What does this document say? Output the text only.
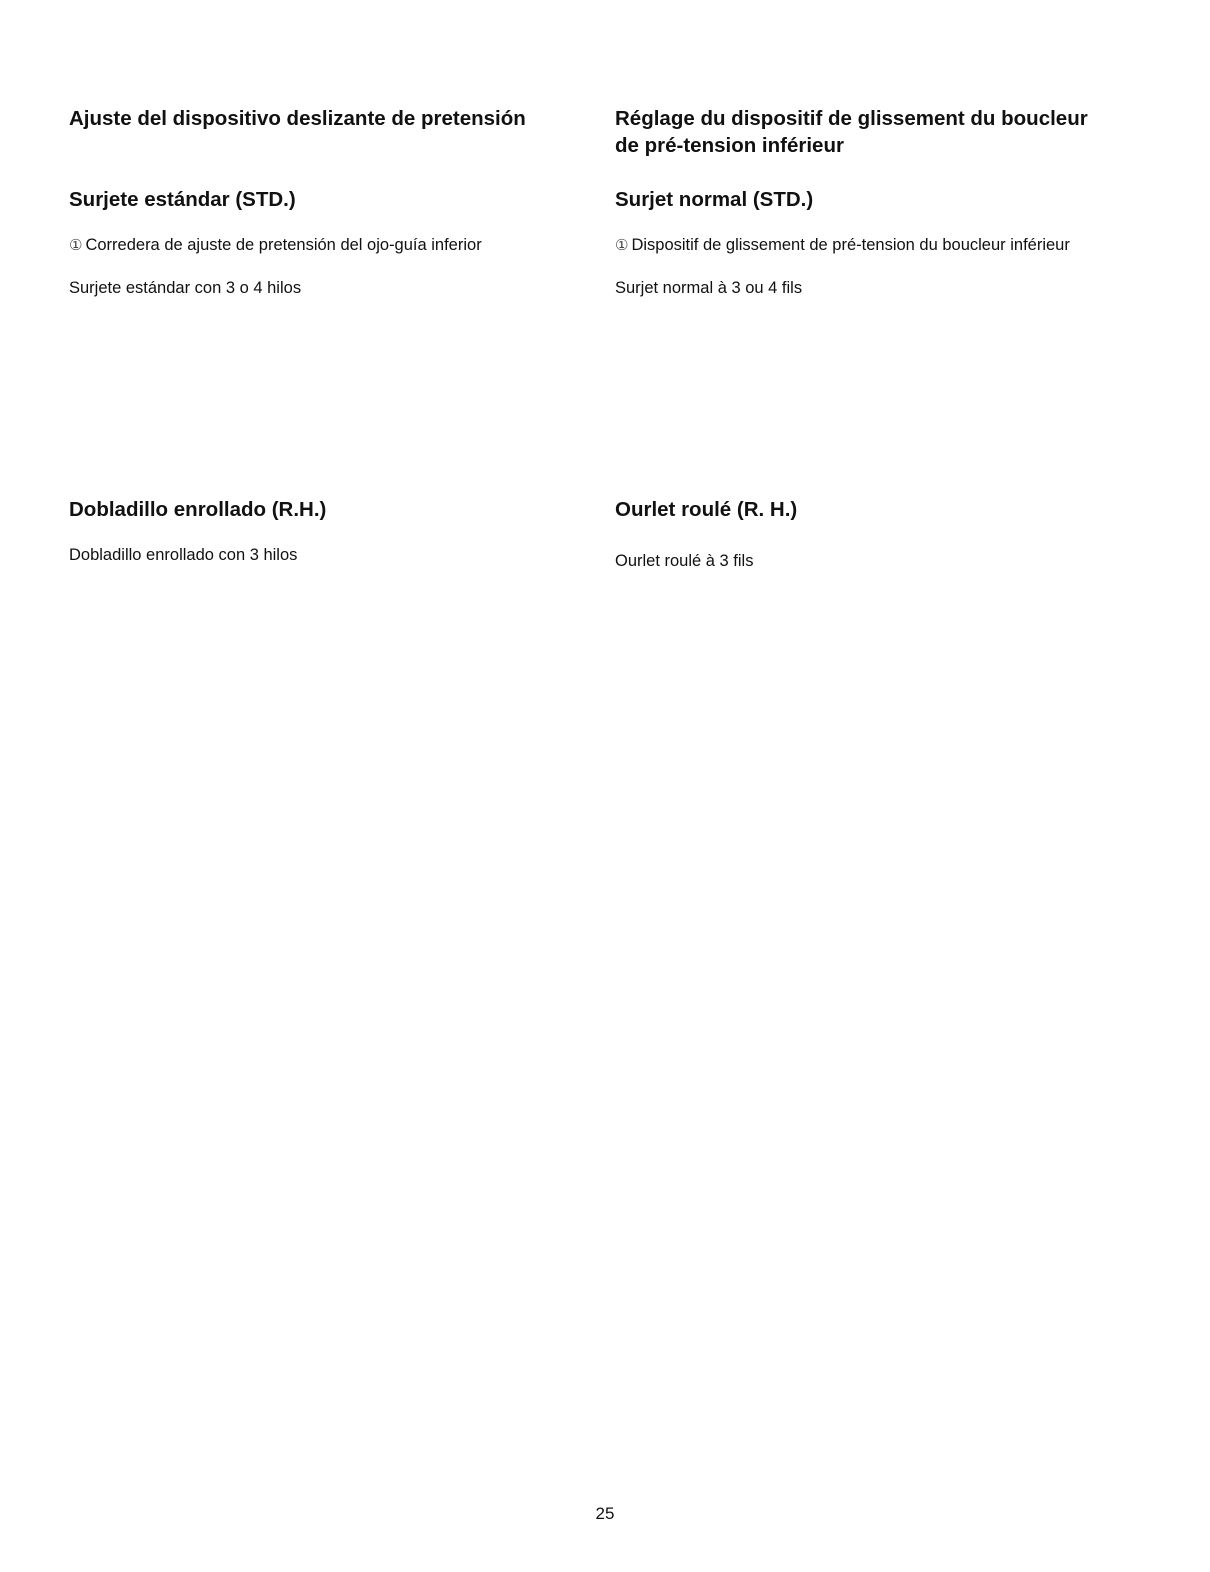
Ajuste del dispositivo deslizante de pretensión
Surjete estándar (STD.)

① Corredera de ajuste de pretensión del ojo-guía inferior

Surjete estándar con 3 o 4 hilos

Dobladillo enrollado (R.H.)

Dobladillo enrollado con 3 hilos

Réglage du dispositif de glissement du boucleur
de pré-tension inférieur
Surjet normal (STD.)

① Dispositif de glissement de pré-tension du boucleur inférieur

Surjet normal à 3 ou 4 fils

Ourlet roulé (R. H.)

Ourlet roulé à 3 fils

25
